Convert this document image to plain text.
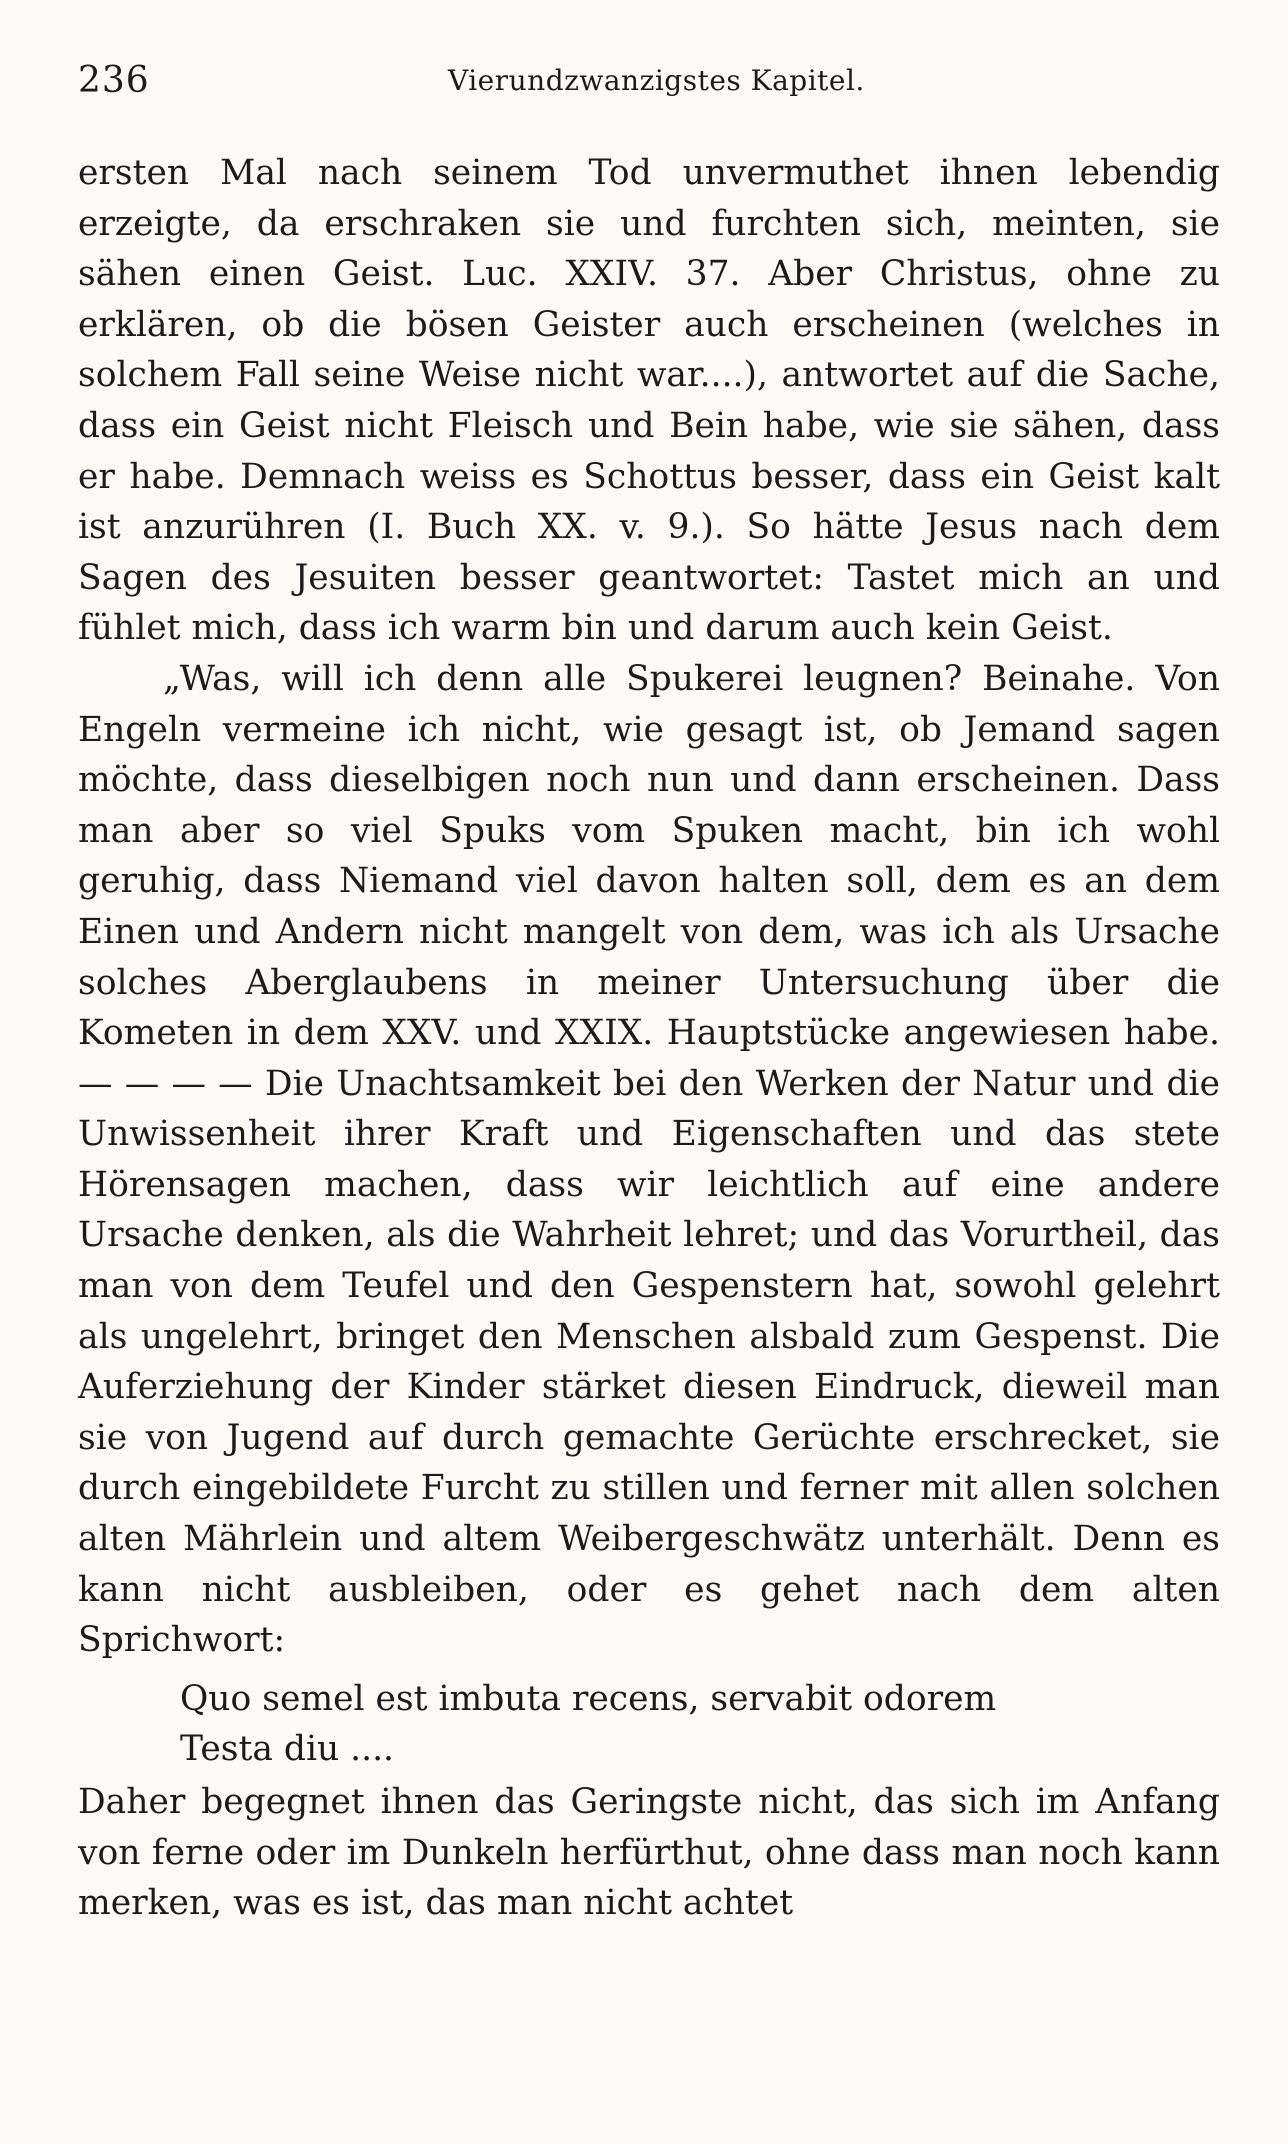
236	Vierundzwanzigstes Kapitel.

ersten Mal nach seinem Tod unvermuthet ihnen lebendig erzeigte, da erschraken sie und furchten sich, meinten, sie sähen einen Geist. Luc. XXIV. 37. Aber Christus, ohne zu erklären, ob die bösen Geister auch erscheinen (welches in solchem Fall seine Weise nicht war....), antwortet auf die Sache, dass ein Geist nicht Fleisch und Bein habe, wie sie sähen, dass er habe. Demnach weiss es Schottus besser, dass ein Geist kalt ist anzurühren (I. Buch XX. v. 9.). So hätte Jesus nach dem Sagen des Jesuiten besser geantwortet: Tastet mich an und fühlet mich, dass ich warm bin und darum auch kein Geist.

„Was, will ich denn alle Spukerei leugnen? Beinahe. Von Engeln vermeine ich nicht, wie gesagt ist, ob Jemand sagen möchte, dass dieselbigen noch nun und dann erscheinen. Dass man aber so viel Spuks vom Spuken macht, bin ich wohl geruhig, dass Niemand viel davon halten soll, dem es an dem Einen und Andern nicht mangelt von dem, was ich als Ursache solches Aberglaubens in meiner Untersuchung über die Kometen in dem XXV. und XXIX. Hauptstücke angewiesen habe. — — — — Die Unachtsamkeit bei den Werken der Natur und die Unwissenheit ihrer Kraft und Eigenschaften und das stete Hörensagen machen, dass wir leichtlich auf eine andere Ursache denken, als die Wahrheit lehret; und das Vorurtheil, das man von dem Teufel und den Gespenstern hat, sowohl gelehrt als ungelehrt, bringet den Menschen alsbald zum Gespenst. Die Auferziehung der Kinder stärket diesen Eindruck, dieweil man sie von Jugend auf durch gemachte Gerüchte erschrecket, sie durch eingebildete Furcht zu stillen und ferner mit allen solchen alten Mährlein und altem Weibergeschwätz unterhält. Denn es kann nicht ausbleiben, oder es gehet nach dem alten Sprichwort:

Quo semel est imbuta recens, servabit odorem
Testa diu ....

Daher begegnet ihnen das Geringste nicht, das sich im Anfang von ferne oder im Dunkeln herfürthut, ohne dass man noch kann merken, was es ist, das man nicht achtet
